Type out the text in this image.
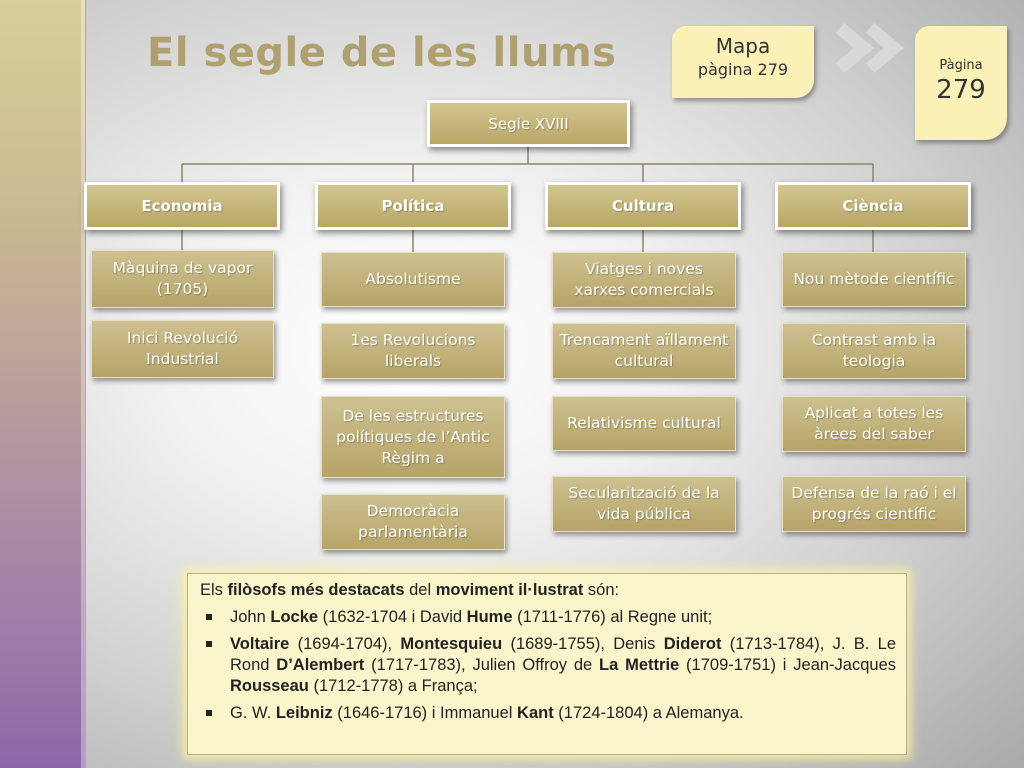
El segle de les llums	Mapa
pàgina 279	Pàgina
279
Segle XVIII
Economia	Política	Cultura	Ciència
Màquina de vapor (1705)
Inici Revolució Industrial
Absolutisme
1es Revolucions liberals
De les estructures polítiques de l’Antic Règim a
Democràcia parlamentària
Viatges i noves xarxes comercials
Trencament aïllament cultural
Relativisme cultural
Secularització de la vida pública
Nou mètode científic
Contrast amb la teologia
Aplicat a totes les àrees del saber
Defensa de la raó i el progrés científic

Els filòsofs més destacats del moviment il·lustrat són:

John Locke (1632-1704 i David Hume (1711-1776) al Regne unit;
Voltaire (1694-1704), Montesquieu (1689-1755), Denis Diderot (1713-1784), J. B. Le Rond D’Alembert (1717-1783), Julien Offroy de La Mettrie (1709-1751) i Jean-Jacques Rousseau (1712-1778) a França;
G. W. Leibniz (1646-1716) i Immanuel Kant (1724-1804) a Alemanya.
